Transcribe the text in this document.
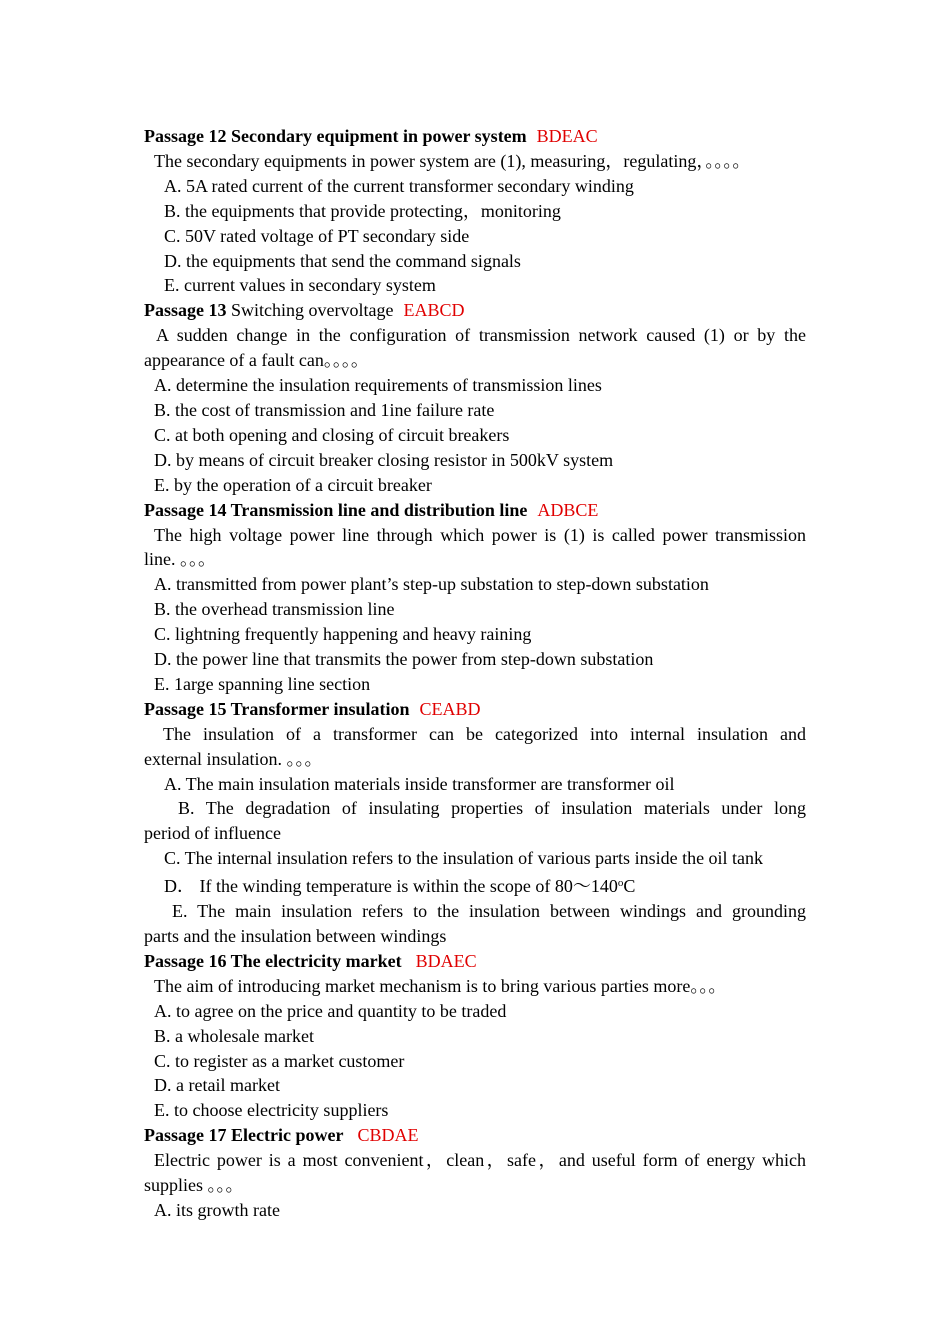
Passage 12 Secondary equipment in power system BDEAC
The secondary equipments in power system are (1), measuring，regulating，。。。。
A. 5A rated current of the current transformer secondary winding
B. the equipments that provide protecting，monitoring
C. 50V rated voltage of PT secondary side
D. the equipments that send the command signals
E. current values in secondary system
Passage 13 Switching overvoltage EABCD
A sudden change in the configuration of transmission network caused (1) or by the
appearance of a fault can。。。。
A. determine the insulation requirements of transmission lines
B. the cost of transmission and 1ine failure rate
C. at both opening and closing of circuit breakers
D. by means of circuit breaker closing resistor in 500kV system
E. by the operation of a circuit breaker
Passage 14 Transmission line and distribution line ADBCE
The high voltage power line through which power is (1) is called power transmission
line. 。。。
A. transmitted from power plant’s step-up substation to step-down substation
B. the overhead transmission line
C. lightning frequently happening and heavy raining
D. the power line that transmits the power from step-down substation
E. 1arge spanning line section
Passage 15 Transformer insulation CEABD
The insulation of a transformer can be categorized into internal insulation and
external insulation. 。。。
A. The main insulation materials inside transformer are transformer oil
B. The degradation of insulating properties of insulation materials under long
period of influence
C. The internal insulation refers to the insulation of various parts inside the oil tank
D． If the winding temperature is within the scope of 80～140$^o$C
E. The main insulation refers to the insulation between windings and grounding
parts and the insulation between windings
Passage 16 The electricity market BDAEC
The aim of introducing market mechanism is to bring various parties more。。。
A. to agree on the price and quantity to be traded
B. a wholesale market
C. to register as a market customer
D. a retail market
E. to choose electricity suppliers
Passage 17 Electric power CBDAE
Electric power is a most convenient，clean，safe，and useful form of energy which
supplies 。。。
A. its growth rate
